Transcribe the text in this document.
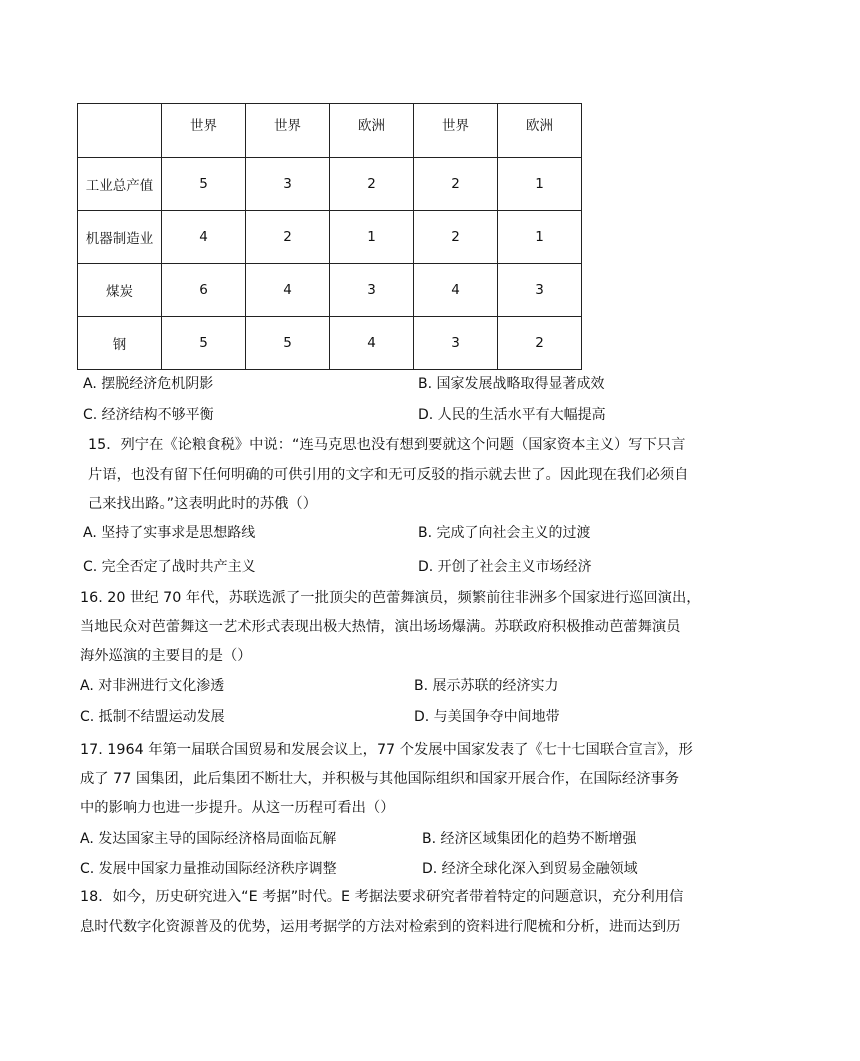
	世界	世界	欧洲	世界	欧洲
工业总产值	5	3	2	2	1
机器制造业	4	2	1	2	1
煤炭	6	4	3	4	3
钢	5	5	4	3	2
A. 摆脱经济危机阴影	B. 国家发展战略取得显著成效
C. 经济结构不够平衡	D. 人民的生活水平有大幅提高
15．列宁在《论粮食税》中说：“连马克思也没有想到要就这个问题（国家资本主义）写下只言
片语，也没有留下任何明确的可供引用的文字和无可反驳的指示就去世了。因此现在我们必须自
己来找出路。”这表明此时的苏俄（）
A. 坚持了实事求是思想路线	B. 完成了向社会主义的过渡
C. 完全否定了战时共产主义	D. 开创了社会主义市场经济
16. 20 世纪 70 年代，苏联选派了一批顶尖的芭蕾舞演员，频繁前往非洲多个国家进行巡回演出，
当地民众对芭蕾舞这一艺术形式表现出极大热情，演出场场爆满。苏联政府积极推动芭蕾舞演员
海外巡演的主要目的是（）
A. 对非洲进行文化渗透	B. 展示苏联的经济实力
C. 抵制不结盟运动发展	D. 与美国争夺中间地带
17. 1964 年第一届联合国贸易和发展会议上，77 个发展中国家发表了《七十七国联合宣言》，形
成了 77 国集团，此后集团不断壮大，并积极与其他国际组织和国家开展合作，在国际经济事务
中的影响力也进一步提升。从这一历程可看出（）
A. 发达国家主导的国际经济格局面临瓦解	B. 经济区域集团化的趋势不断增强
C. 发展中国家力量推动国际经济秩序调整	D. 经济全球化深入到贸易金融领域
18．如今，历史研究进入“E 考据”时代。E 考据法要求研究者带着特定的问题意识，充分利用信
息时代数字化资源普及的优势，运用考据学的方法对检索到的资料进行爬梳和分析，进而达到历
